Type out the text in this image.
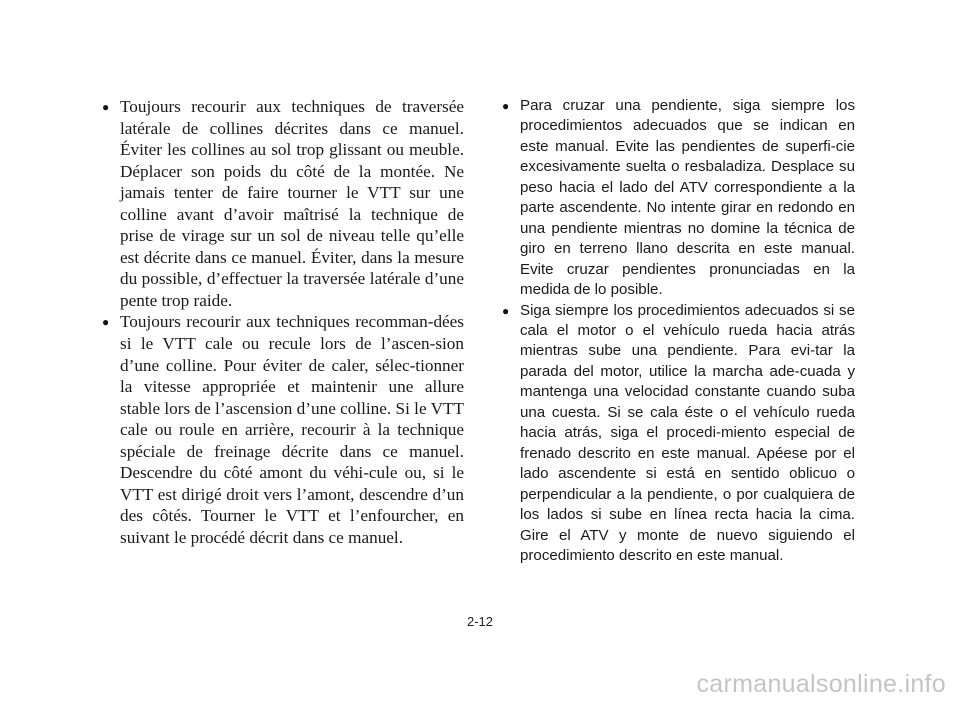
● Toujours recourir aux techniques de traversée latérale de collines décrites dans ce manuel. Éviter les collines au sol trop glissant ou meuble. Déplacer son poids du côté de la montée. Ne jamais tenter de faire tourner le VTT sur une colline avant d’avoir maîtrisé la technique de prise de virage sur un sol de niveau telle qu’elle est décrite dans ce manuel. Éviter, dans la mesure du possible, d’effectuer la traversée latérale d’une pente trop raide.
● Toujours recourir aux techniques recomman-dées si le VTT cale ou recule lors de l’ascen-sion d’une colline. Pour éviter de caler, sélec-tionner la vitesse appropriée et maintenir une allure stable lors de l’ascension d’une colline. Si le VTT cale ou roule en arrière, recourir à la technique spéciale de freinage décrite dans ce manuel. Descendre du côté amont du véhi-cule ou, si le VTT est dirigé droit vers l’amont, descendre d’un des côtés. Tourner le VTT et l’enfourcher, en suivant le procédé décrit dans ce manuel.
● Para cruzar una pendiente, siga siempre los procedimientos adecuados que se indican en este manual. Evite las pendientes de superfi-cie excesivamente suelta o resbaladiza. Desplace su peso hacia el lado del ATV correspondiente a la parte ascendente. No intente girar en redondo en una pendiente mientras no domine la técnica de giro en terreno llano descrita en este manual. Evite cruzar pendientes pronunciadas en la medida de lo posible.
● Siga siempre los procedimientos adecuados si se cala el motor o el vehículo rueda hacia atrás mientras sube una pendiente. Para evi-tar la parada del motor, utilice la marcha ade-cuada y mantenga una velocidad constante cuando suba una cuesta. Si se cala éste o el vehículo rueda hacia atrás, siga el procedi-miento especial de frenado descrito en este manual. Apéese por el lado ascendente si está en sentido oblicuo o perpendicular a la pendiente, o por cualquiera de los lados si sube en línea recta hacia la cima. Gire el ATV y monte de nuevo siguiendo el procedimiento descrito en este manual.
2-12
carmanualsonline.info
